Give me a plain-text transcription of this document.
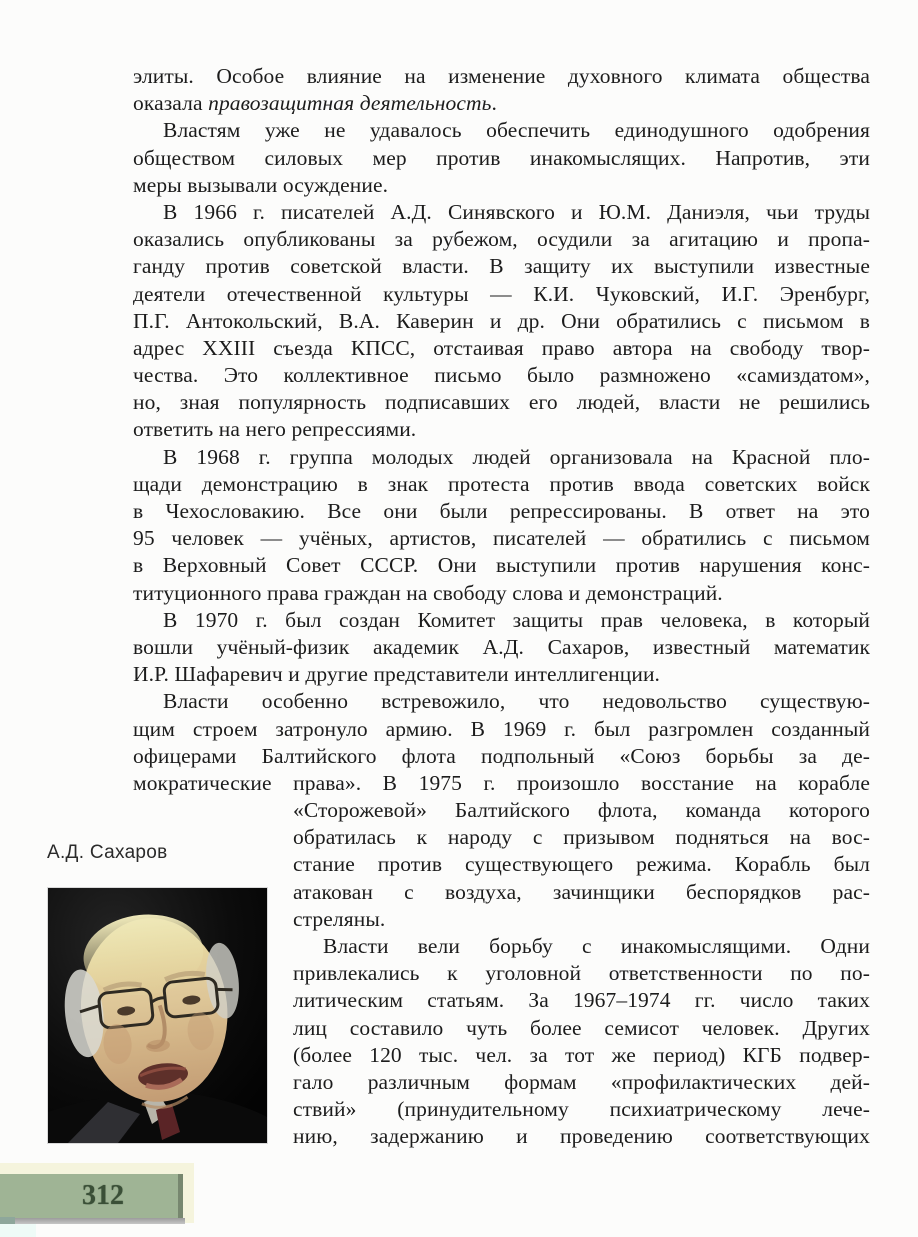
элиты. Особое влияние на изменение духовного климата общества
оказала правозащитная деятельность.
Властям уже не удавалось обеспечить единодушного одобрения
обществом силовых мер против инакомыслящих. Напротив, эти
меры вызывали осуждение.
В 1966 г. писателей А.Д. Синявского и Ю.М. Даниэля, чьи труды
оказались опубликованы за рубежом, осудили за агитацию и пропа-
ганду против советской власти. В защиту их выступили известные
деятели отечественной культуры — К.И. Чуковский, И.Г. Эренбург,
П.Г. Антокольский, В.А. Каверин и др. Они обратились с письмом в
адрес XXIII съезда КПСС, отстаивая право автора на свободу твор-
чества. Это коллективное письмо было размножено «самиздатом»,
но, зная популярность подписавших его людей, власти не решились
ответить на него репрессиями.
В 1968 г. группа молодых людей организовала на Красной пло-
щади демонстрацию в знак протеста против ввода советских войск
в Чехословакию. Все они были репрессированы. В ответ на это
95 человек — учёных, артистов, писателей — обратились с письмом
в Верховный Совет СССР. Они выступили против нарушения конс-
титуционного права граждан на свободу слова и демонстраций.
В 1970 г. был создан Комитет защиты прав человека, в который
вошли учёный-физик академик А.Д. Сахаров, известный математик
И.Р. Шафаревич и другие представители интеллигенции.
Власти особенно встревожило, что недовольство существую-
щим строем затронуло армию. В 1969 г. был разгромлен созданный
офицерами Балтийского флота подпольный «Союз борьбы за де-
мократические права». В 1975 г. произошло восстание на корабле
«Сторожевой» Балтийского флота, команда которого
обратилась к народу с призывом подняться на вос-
стание против существующего режима. Корабль был
атакован с воздуха, зачинщики беспорядков рас-
стреляны.
Власти вели борьбу с инакомыслящими. Одни
привлекались к уголовной ответственности по по-
литическим статьям. За 1967–1974 гг. число таких
лиц составило чуть более семисот человек. Других
(более 120 тыс. чел. за тот же период) КГБ подвер-
гало различным формам «профилактических дей-
ствий» (принудительному психиатрическому лече-
нию, задержанию и проведению соответствующих
А.Д. Сахаров
312
